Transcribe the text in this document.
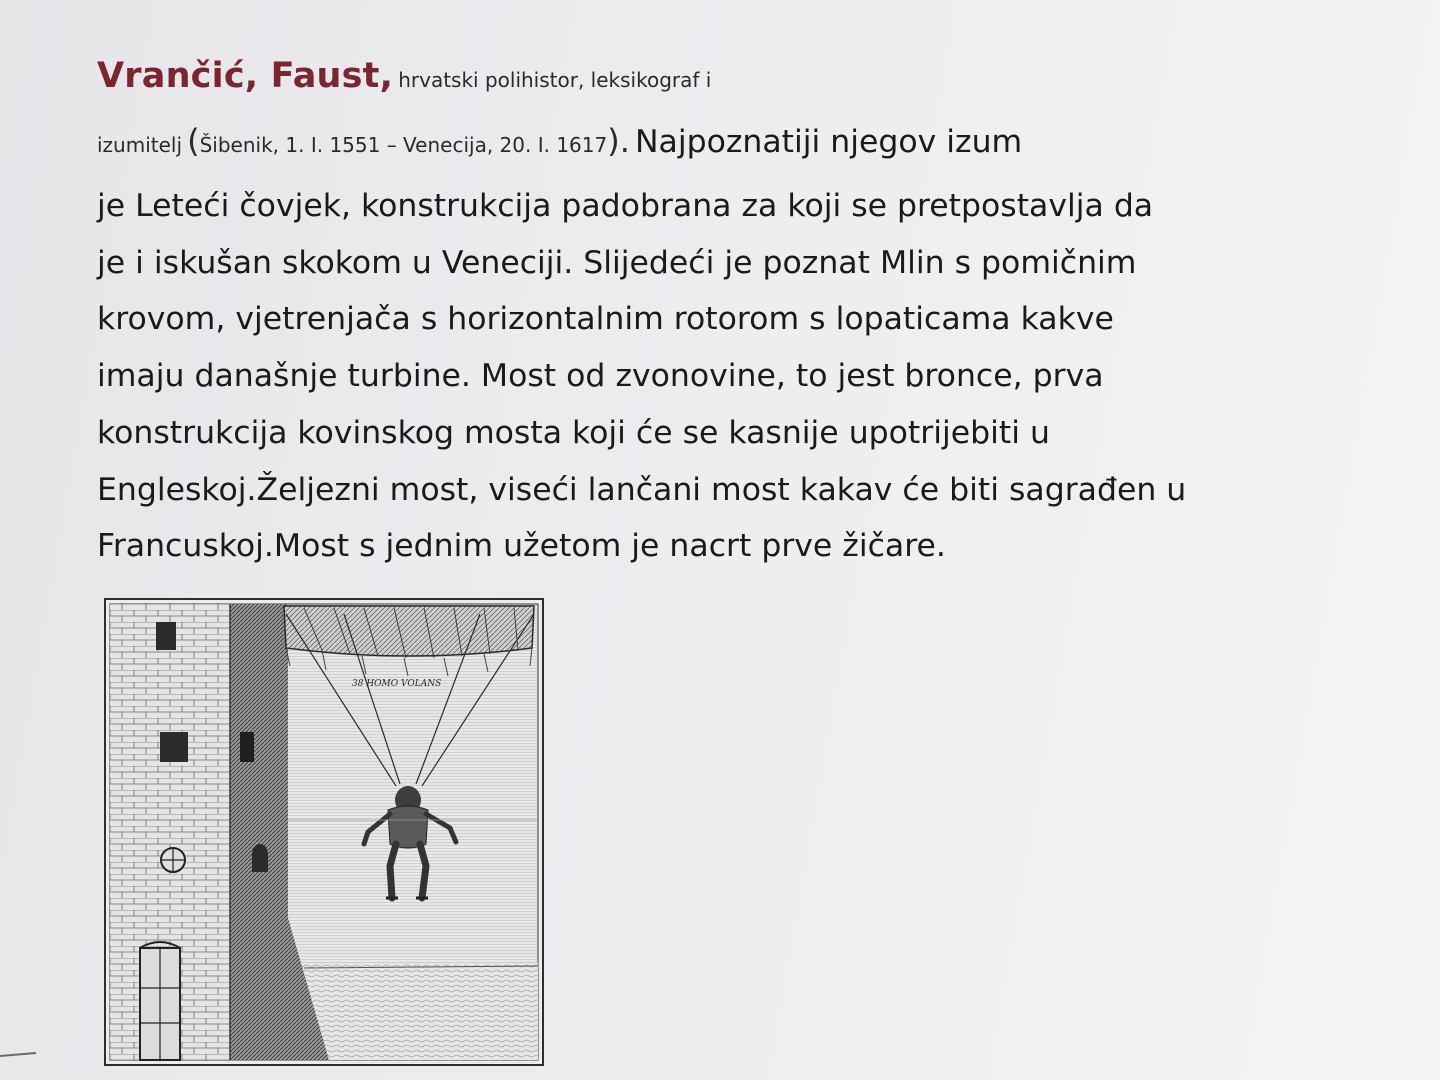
Vrančić, Faust, hrvatski polihistor, leksikograf i
izumitelj (Šibenik, 1. I. 1551 – Venecija, 20. I. 1617). Najpoznatiji njegov izum
je Leteći čovjek, konstrukcija padobrana za koji se pretpostavlja da
je i iskušan skokom u Veneciji. Slijedeći je poznat Mlin s pomičnim
krovom, vjetrenjača s horizontalnim rotorom s lopaticama kakve
imaju današnje turbine. Most od zvonovine, to jest bronce, prva
konstrukcija kovinskog mosta koji će se kasnije upotrijebiti u
Engleskoj.Željezni most, viseći lančani most kakav će biti sagrađen u
Francuskoj.Most s jednim užetom je nacrt prve žičare.
38 HOMO VOLANS
